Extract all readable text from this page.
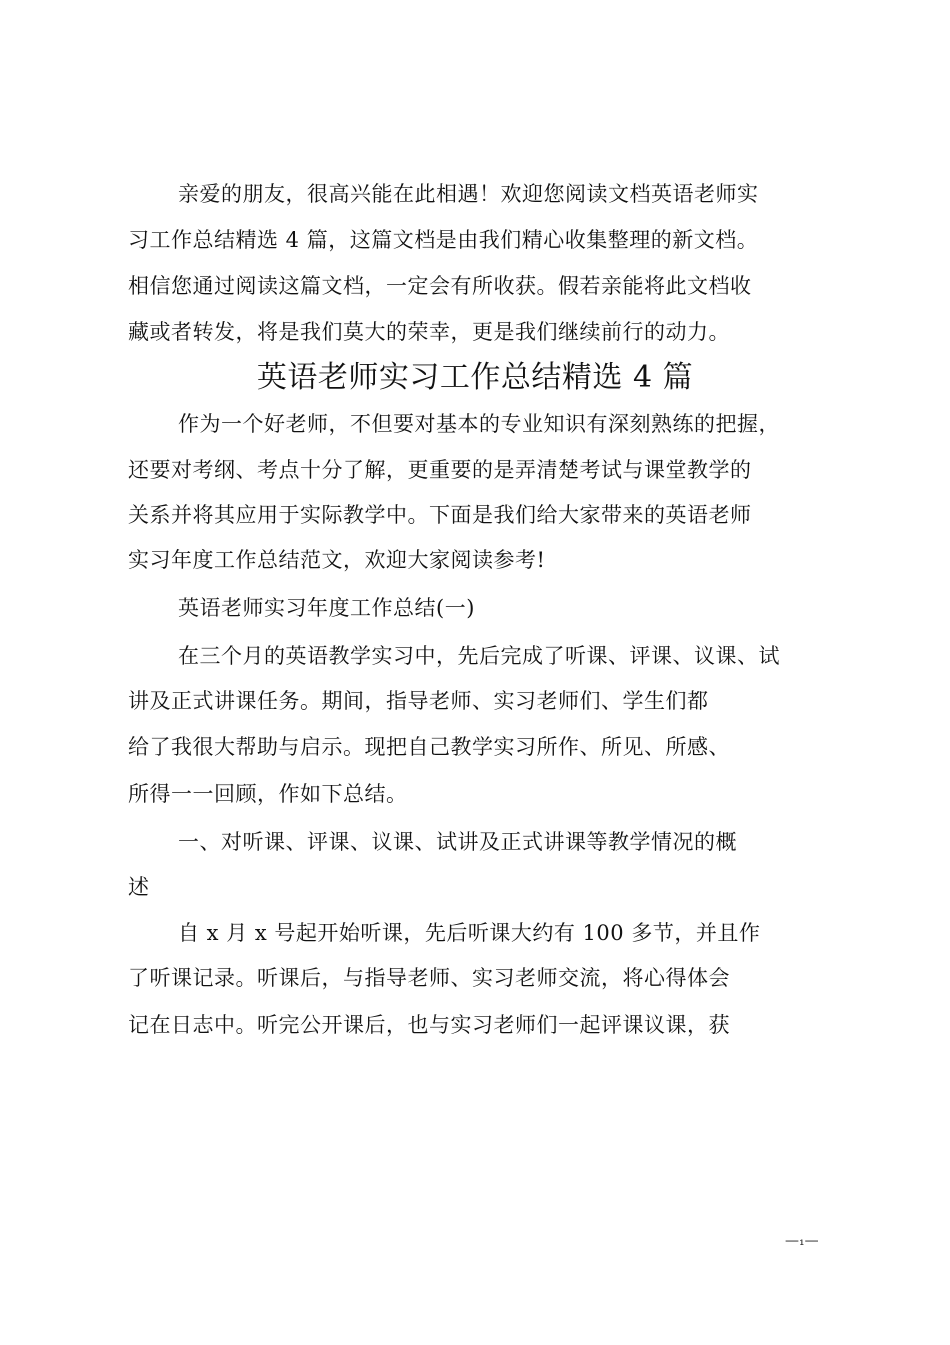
亲爱的朋友，很高兴能在此相遇！欢迎您阅读文档英语老师实
习工作总结精选 4 篇，这篇文档是由我们精心收集整理的新文档。
相信您通过阅读这篇文档，一定会有所收获。假若亲能将此文档收
藏或者转发，将是我们莫大的荣幸，更是我们继续前行的动力。
英语老师实习工作总结精选 4 篇
作为一个好老师，不但要对基本的专业知识有深刻熟练的把握，
还要对考纲、考点十分了解，更重要的是弄清楚考试与课堂教学的
关系并将其应用于实际教学中。下面是我们给大家带来的英语老师
实习年度工作总结范文，欢迎大家阅读参考!
英语老师实习年度工作总结(一)
在三个月的英语教学实习中，先后完成了听课、评课、议课、试
讲及正式讲课任务。期间，指导老师、实习老师们、学生们都
给了我很大帮助与启示。现把自己教学实习所作、所见、所感、
所得一一回顾，作如下总结。
一、对听课、评课、议课、试讲及正式讲课等教学情况的概
述
自 x 月 x 号起开始听课，先后听课大约有 100 多节，并且作
了听课记录。听课后，与指导老师、实习老师交流，将心得体会
记在日志中。听完公开课后，也与实习老师们一起评课议课，获
—₁—
